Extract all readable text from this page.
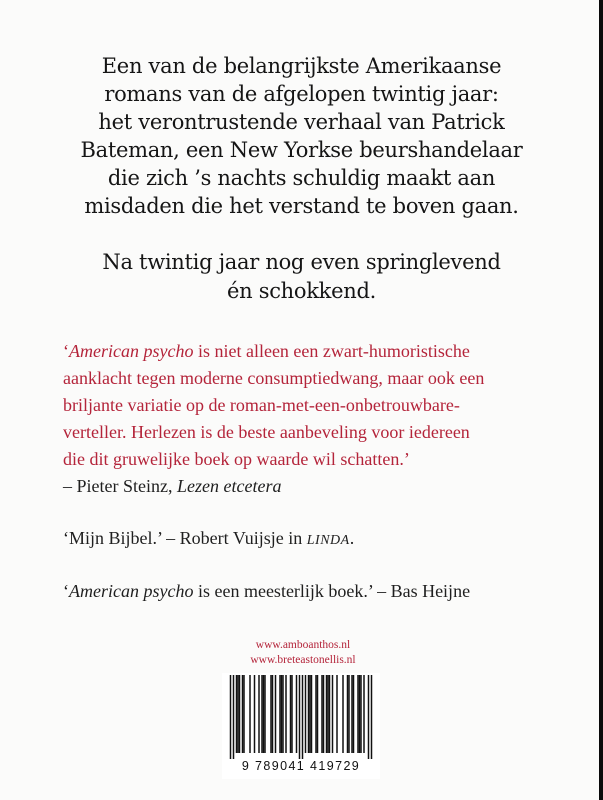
Een van de belangrijkste Amerikaanse
romans van de afgelopen twintig jaar:
het verontrustende verhaal van Patrick
Bateman, een New Yorkse beurshandelaar
die zich ’s nachts schuldig maakt aan
misdaden die het verstand te boven gaan.
Na twintig jaar nog even springlevend
én schokkend.
‘American psycho is niet alleen een zwart-humoristische
aanklacht tegen moderne consumptiedwang, maar ook een
briljante variatie op de roman-met-een-onbetrouwbare-
verteller. Herlezen is de beste aanbeveling voor iedereen
die dit gruwelijke boek op waarde wil schatten.’
– Pieter Steinz, Lezen etcetera
‘Mijn Bijbel.’ – Robert Vuijsje in LINDA.
‘American psycho is een meesterlijk boek.’ – Bas Heijne
www.amboanthos.nl
www.breteastonellis.nl
9 789041 419729
